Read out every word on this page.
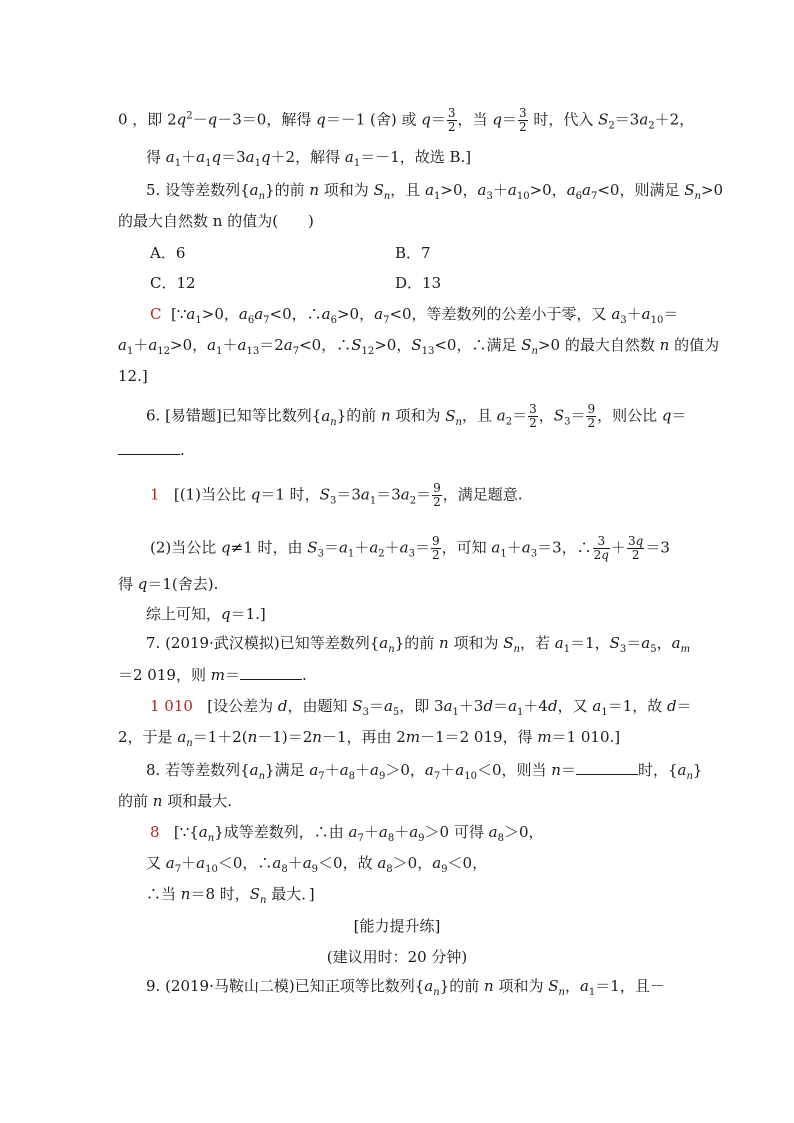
0 ，即 $2q^2-q-3=0$，解得 q＝－1 (舍) 或 $q= \frac{3}{2}$ ，当 $q= \frac{3}{2}$ 时，代入 $S_2=3a_2+2$，
得 $a_1+a_1q=3a_1q+2$，解得 $a_1=-1$，故选 B.]
5. 设等差数列$\{a_n\}$的前 n 项和为 $S_n$，且 $a_1>0$，$a_3+a_{10}>0$，$a_6a_7<0$，则满足 $S_n>0$
的最大自然数 n 的值为(　　)
A．6	B．7
C．12	D．13
C  [$\because a_1>0$，$a_6a_7<0$，$\therefore a_6>0$，$a_7<0$，等差数列的公差小于零，又 $a_3+a_{10}=$
$a_1+a_{12}>0$，$a_1+a_{13}=2a_7<0$，$\therefore S_{12}>0$，$S_{13}<0$，∴满足 $S_n>0$ 的最大自然数 n 的值为
12.]
6. [易错题]已知等比数列$\{a_n\}$的前 n 项和为 $S_n$，且 $a_2= \frac{3}{2}$ ，$S_3= \frac{9}{2}$ ，则公比 q＝
.
1   [(1)当公比 q＝1 时，$S_3=3a_1=3a_2= \frac{9}{2}$ ，满足题意.
(2)当公比 q≠1 时，由 $S_3=a_1+a_2+a_3= \frac{9}{2}$ ，可知 $a_1+a_3=3$，∴ $\frac{3}{2q} + \frac{3q}{2} =3$
得 q＝1(舍去).
综上可知，q＝1.]
7. (2019·武汉模拟)已知等差数列$\{a_n\}$的前 n 项和为 $S_n$，若 $a_1=1$，$S_3=a_5$，$a_m$
＝2 019，则 m＝	.
1 010   [设公差为 d，由题知 $S_3=a_5$，即 $3a_1+3d=a_1+4d$，又 $a_1=1$，故 d＝
2，于是 $a_n=1+2(n-1)=2n-1$，再由 2m－1＝2 019，得 m＝1 010.]
8. 若等差数列$\{a_n\}$满足 $a_7+a_8+a_9>0$，$a_7+a_{10}<0$，则当 n＝	时，$\{a_n\}$
的前 n 项和最大.
8   [$\because\{a_n\}$成等差数列，∴由 $a_7+a_8+a_9>0$ 可得 $a_8>0$，
又 $a_7+a_{10}<0$，$\therefore a_8+a_9<0$，故 $a_8>0$，$a_9<0$，
∴当 n＝8 时，$S_n$ 最大．]
[能力提升练]
(建议用时：20 分钟)
9. (2019·马鞍山二模)已知正项等比数列$\{a_n\}$的前 n 项和为 $S_n$，$a_1=1$，且－
